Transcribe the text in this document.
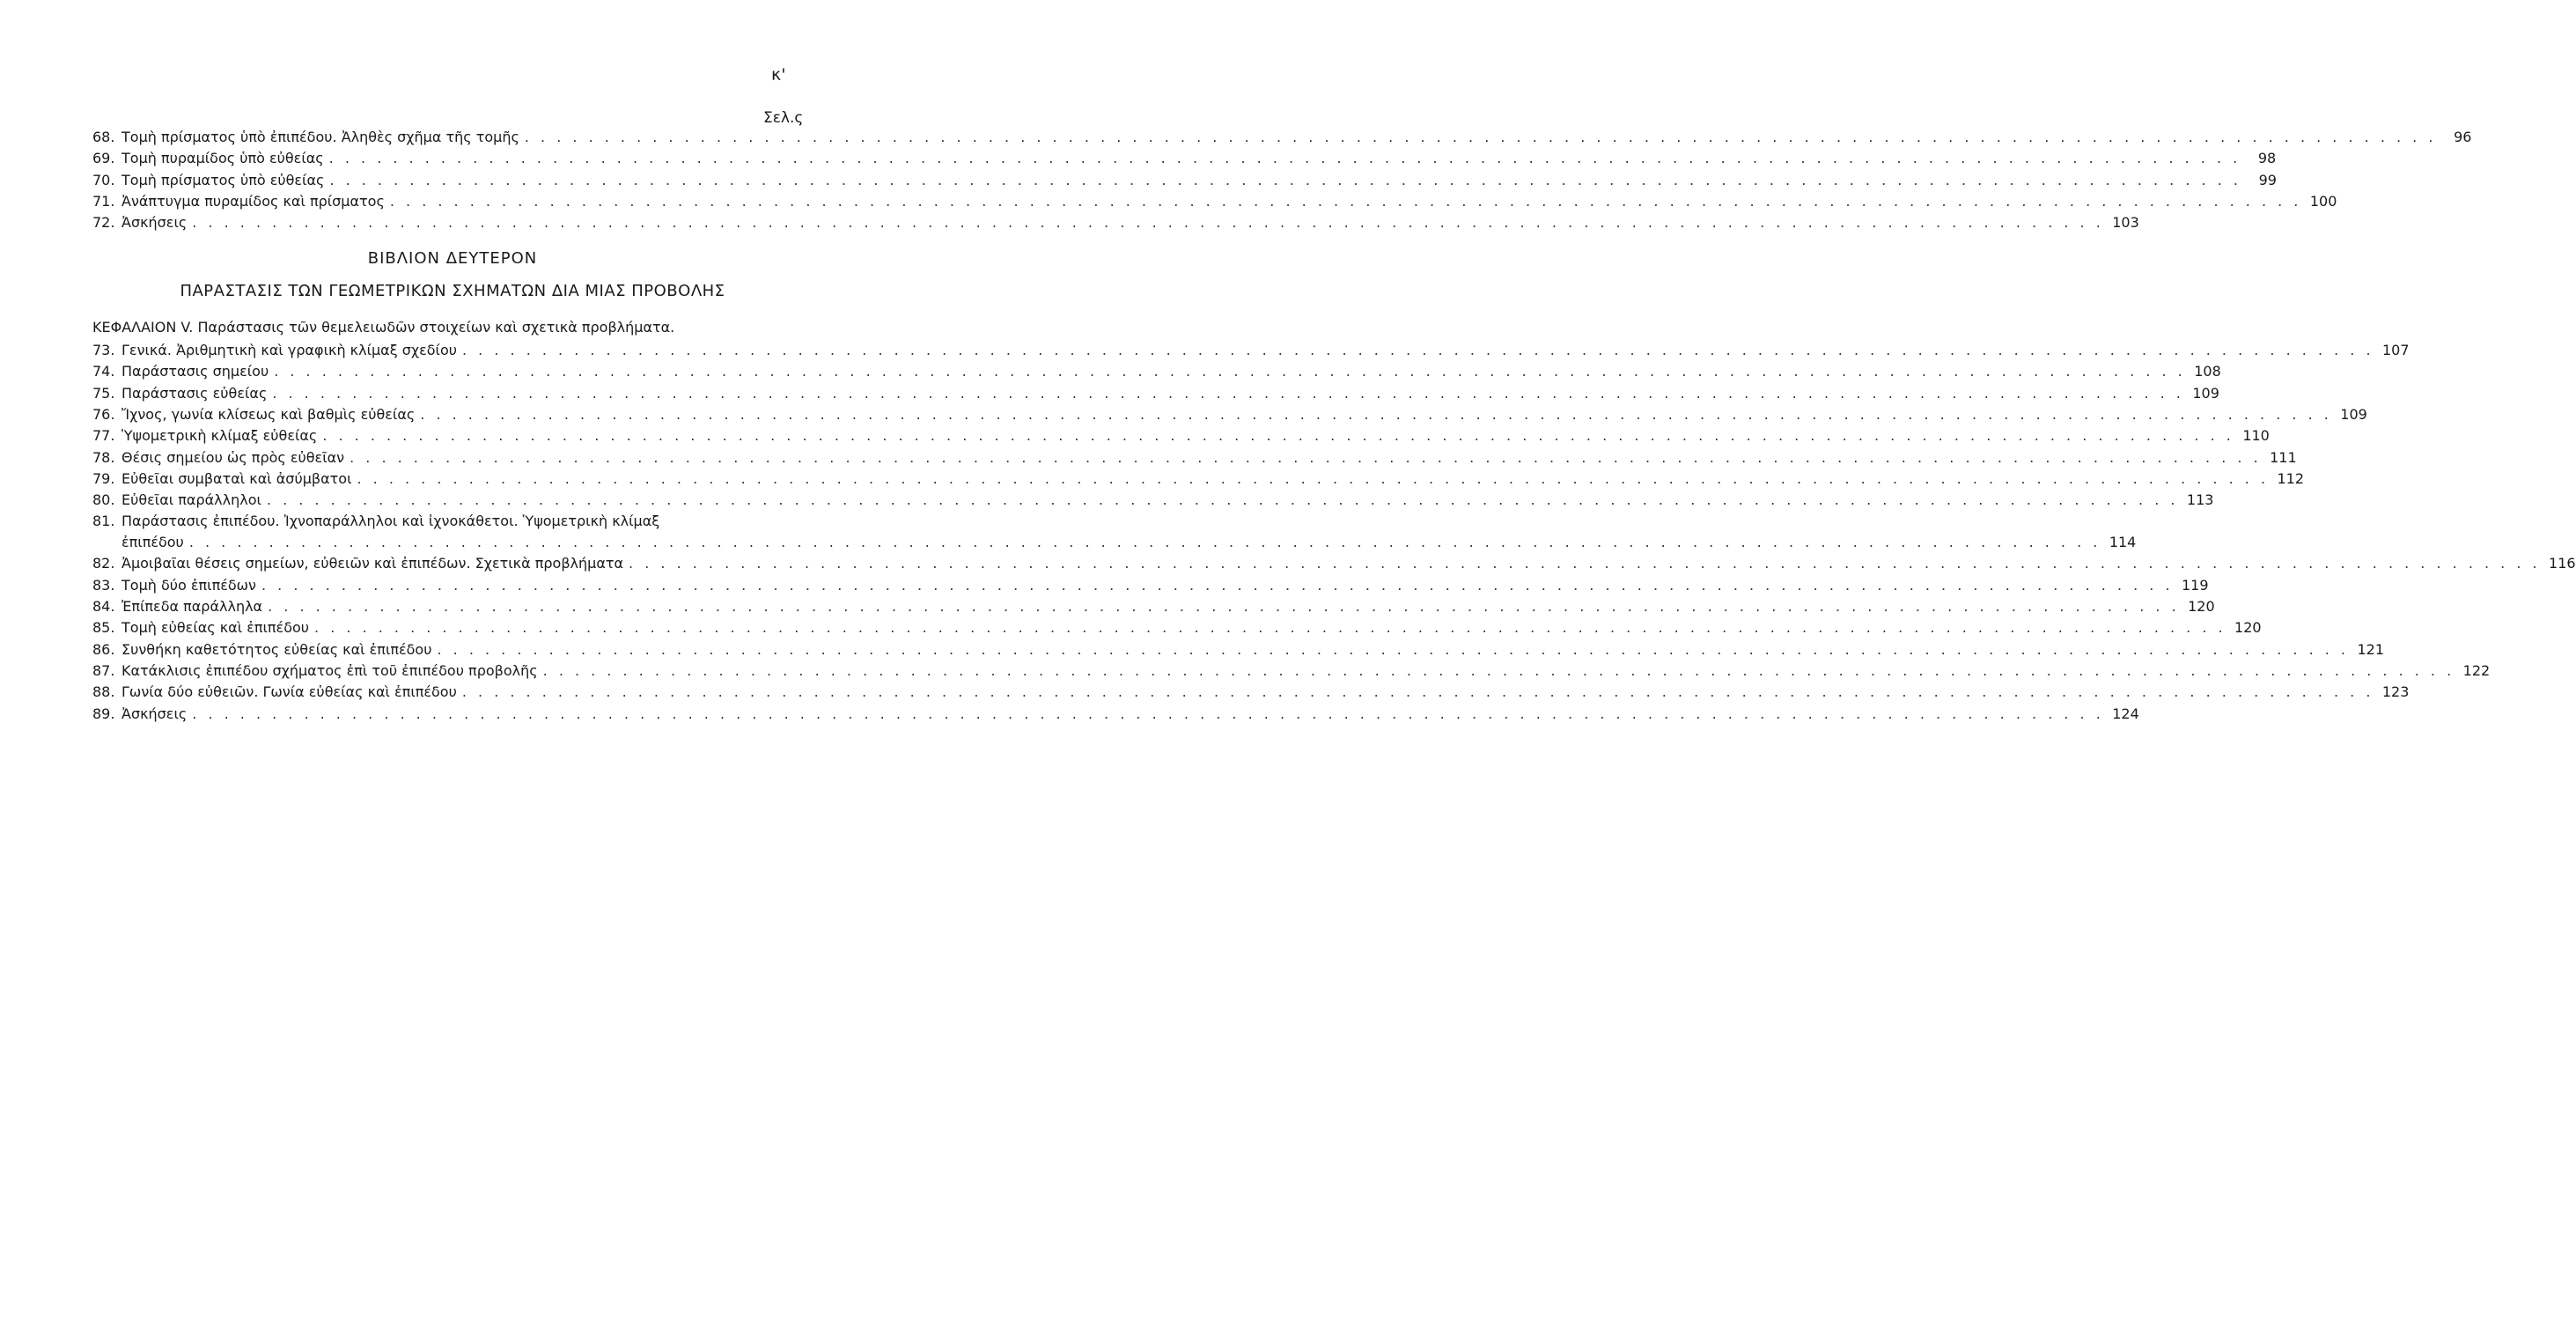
κ'
Σελ.ς
ΒΙΒΛΙΟΝ ΔΕΥΤΕΡΟΝ
ΠΑΡΑΣΤΑΣΙΣ ΤΩΝ ΓΕΩΜΕΤΡΙΚΩΝ ΣΧΗΜΑΤΩΝ ΔΙΑ ΜΙΑΣ ΠΡΟΒΟΛΗΣ
ΚΕΦΑΛΑΙΟΝ V. Παράστασις τῶν θεμελειωδῶν στοιχείων καὶ σχετικὰ προβλήματα.
68. Τομὴ πρίσματος ὑπὸ ἐπιπέδου. Ἀληθὲς σχῆμα τῆς τομῆς . . . . . . . . . . . . . . . . . . . . . . . . . . . . . . . . . . . . . . . . . . . . . . . . . . . . . . . . . . . . . . . . . . . . . . . . . . . . . . . . . . . . . . . . . . . . . . . . . . . . . . . . . . . . . . . . . . . . . . . .	96
69. Τομὴ πυραμίδος ὑπὸ εὐθείας . . . . . . . . . . . . . . . . . . . . . . . . . . . . . . . . . . . . . . . . . . . . . . . . . . . . . . . . . . . . . . . . . . . . . . . . . . . . . . . . . . . . . . . . . . . . . . . . . . . . . . . . . . . . . . . . . . . . . . . .	98
70. Τομὴ πρίσματος ὑπὸ εὐθείας . . . . . . . . . . . . . . . . . . . . . . . . . . . . . . . . . . . . . . . . . . . . . . . . . . . . . . . . . . . . . . . . . . . . . . . . . . . . . . . . . . . . . . . . . . . . . . . . . . . . . . . . . . . . . . . . . . . . . . . .	99
71. Ἀνάπτυγμα πυραμίδος καὶ πρίσματος . . . . . . . . . . . . . . . . . . . . . . . . . . . . . . . . . . . . . . . . . . . . . . . . . . . . . . . . . . . . . . . . . . . . . . . . . . . . . . . . . . . . . . . . . . . . . . . . . . . . . . . . . . . . . . . . . . . . . . . . 100
72. Ἀσκήσεις . . . . . . . . . . . . . . . . . . . . . . . . . . . . . . . . . . . . . . . . . . . . . . . . . . . . . . . . . . . . . . . . . . . . . . . . . . . . . . . . . . . . . . . . . . . . . . . . . . . . . . . . . . . . . . . . . . . . . . . . 103
73. Γενικά. Ἀριθμητικὴ καὶ γραφικὴ κλίμαξ σχεδίου . . . . . . . . . . . . . . . . . . . . . . . . . . . . . . . . . . . . . . . . . . . . . . . . . . . . . . . . . . . . . . . . . . . . . . . . . . . . . . . . . . . . . . . . . . . . . . . . . . . . . . . . . . . . . . . . . . . . . . . . 107
74. Παράστασις σημείου . . . . . . . . . . . . . . . . . . . . . . . . . . . . . . . . . . . . . . . . . . . . . . . . . . . . . . . . . . . . . . . . . . . . . . . . . . . . . . . . . . . . . . . . . . . . . . . . . . . . . . . . . . . . . . . . . . . . . . . . 108
75. Παράστασις εὐθείας . . . . . . . . . . . . . . . . . . . . . . . . . . . . . . . . . . . . . . . . . . . . . . . . . . . . . . . . . . . . . . . . . . . . . . . . . . . . . . . . . . . . . . . . . . . . . . . . . . . . . . . . . . . . . . . . . . . . . . . . 109
76. Ἴχνος, γωνία κλίσεως καὶ βαθμὶς εὐθείας . . . . . . . . . . . . . . . . . . . . . . . . . . . . . . . . . . . . . . . . . . . . . . . . . . . . . . . . . . . . . . . . . . . . . . . . . . . . . . . . . . . . . . . . . . . . . . . . . . . . . . . . . . . . . . . . . . . . . . . . 109
77. Ὑψομετρικὴ κλίμαξ εὐθείας . . . . . . . . . . . . . . . . . . . . . . . . . . . . . . . . . . . . . . . . . . . . . . . . . . . . . . . . . . . . . . . . . . . . . . . . . . . . . . . . . . . . . . . . . . . . . . . . . . . . . . . . . . . . . . . . . . . . . . . . 110
78. Θέσις σημείου ὡς πρὸς εὐθεῖαν . . . . . . . . . . . . . . . . . . . . . . . . . . . . . . . . . . . . . . . . . . . . . . . . . . . . . . . . . . . . . . . . . . . . . . . . . . . . . . . . . . . . . . . . . . . . . . . . . . . . . . . . . . . . . . . . . . . . . . . . 111
79. Εὐθεῖαι συμβαταὶ καὶ ἀσύμβατοι . . . . . . . . . . . . . . . . . . . . . . . . . . . . . . . . . . . . . . . . . . . . . . . . . . . . . . . . . . . . . . . . . . . . . . . . . . . . . . . . . . . . . . . . . . . . . . . . . . . . . . . . . . . . . . . . . . . . . . . . 112
80. Εὐθεῖαι παράλληλοι . . . . . . . . . . . . . . . . . . . . . . . . . . . . . . . . . . . . . . . . . . . . . . . . . . . . . . . . . . . . . . . . . . . . . . . . . . . . . . . . . . . . . . . . . . . . . . . . . . . . . . . . . . . . . . . . . . . . . . . . 113
81. Παράστασις ἐπιπέδου. Ἰχνοπαράλληλοι καὶ ἰχνοκάθετοι. Ὑψομετρικὴ κλίμαξ
ἐπιπέδου . . . . . . . . . . . . . . . . . . . . . . . . . . . . . . . . . . . . . . . . . . . . . . . . . . . . . . . . . . . . . . . . . . . . . . . . . . . . . . . . . . . . . . . . . . . . . . . . . . . . . . . . . . . . . . . . . . . . . . . . 114
82. Ἀμοιβαῖαι θέσεις σημείων, εὐθειῶν καὶ ἐπιπέδων. Σχετικὰ προβλήματα . . . . . . . . . . . . . . . . . . . . . . . . . . . . . . . . . . . . . . . . . . . . . . . . . . . . . . . . . . . . . . . . . . . . . . . . . . . . . . . . . . . . . . . . . . . . . . . . . . . . . . . . . . . . . . . . . . . . . . . . 116
83. Τομὴ δύο ἐπιπέδων . . . . . . . . . . . . . . . . . . . . . . . . . . . . . . . . . . . . . . . . . . . . . . . . . . . . . . . . . . . . . . . . . . . . . . . . . . . . . . . . . . . . . . . . . . . . . . . . . . . . . . . . . . . . . . . . . . . . . . . . 119
84. Ἐπίπεδα παράλληλα . . . . . . . . . . . . . . . . . . . . . . . . . . . . . . . . . . . . . . . . . . . . . . . . . . . . . . . . . . . . . . . . . . . . . . . . . . . . . . . . . . . . . . . . . . . . . . . . . . . . . . . . . . . . . . . . . . . . . . . . 120
85. Τομὴ εὐθείας καὶ ἐπιπέδου . . . . . . . . . . . . . . . . . . . . . . . . . . . . . . . . . . . . . . . . . . . . . . . . . . . . . . . . . . . . . . . . . . . . . . . . . . . . . . . . . . . . . . . . . . . . . . . . . . . . . . . . . . . . . . . . . . . . . . . . 120
86. Συνθήκη καθετότητος εὐθείας καὶ ἐπιπέδου . . . . . . . . . . . . . . . . . . . . . . . . . . . . . . . . . . . . . . . . . . . . . . . . . . . . . . . . . . . . . . . . . . . . . . . . . . . . . . . . . . . . . . . . . . . . . . . . . . . . . . . . . . . . . . . . . . . . . . . . 121
87. Κατάκλισις ἐπιπέδου σχήματος ἐπὶ τοῦ ἐπιπέδου προβολῆς . . . . . . . . . . . . . . . . . . . . . . . . . . . . . . . . . . . . . . . . . . . . . . . . . . . . . . . . . . . . . . . . . . . . . . . . . . . . . . . . . . . . . . . . . . . . . . . . . . . . . . . . . . . . . . . . . . . . . . . . 122
88. Γωνία δύο εὐθειῶν. Γωνία εὐθείας καὶ ἐπιπέδου . . . . . . . . . . . . . . . . . . . . . . . . . . . . . . . . . . . . . . . . . . . . . . . . . . . . . . . . . . . . . . . . . . . . . . . . . . . . . . . . . . . . . . . . . . . . . . . . . . . . . . . . . . . . . . . . . . . . . . . . 123
89. Ἀσκήσεις . . . . . . . . . . . . . . . . . . . . . . . . . . . . . . . . . . . . . . . . . . . . . . . . . . . . . . . . . . . . . . . . . . . . . . . . . . . . . . . . . . . . . . . . . . . . . . . . . . . . . . . . . . . . . . . . . . . . . . . . 124
